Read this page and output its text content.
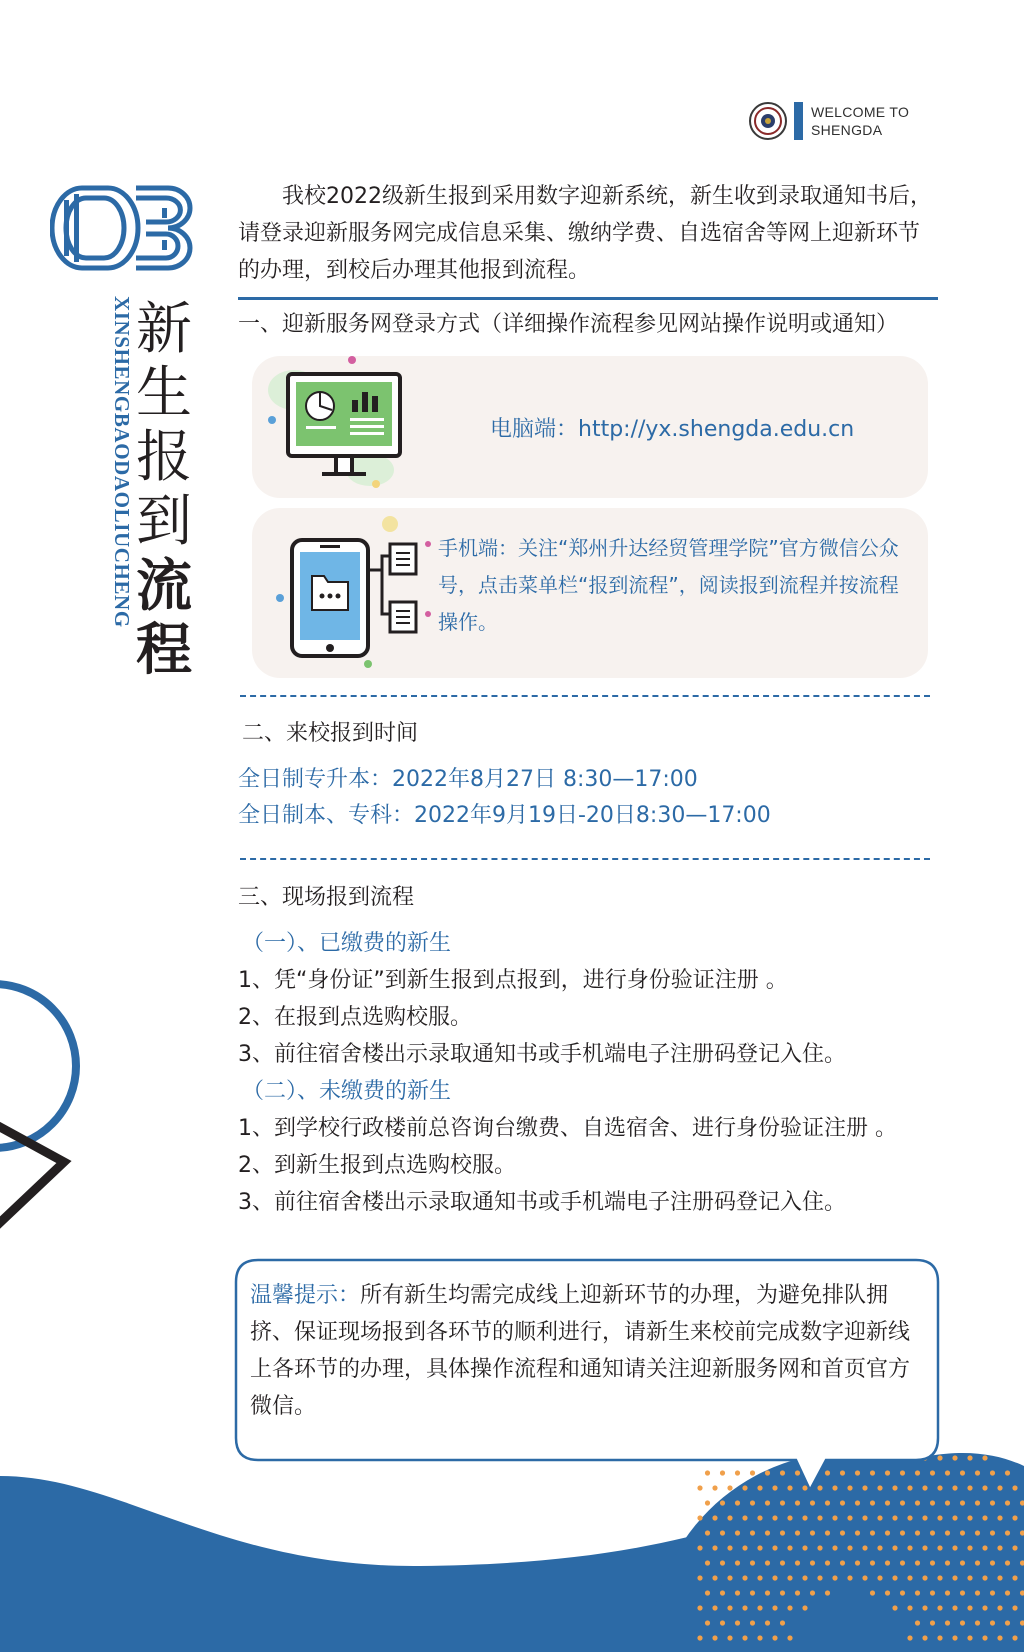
WELCOME TO
SHENGDA
XINSHENGBAODAOLIUCHENG 新
生
报
到
流
程

我校2022级新生报到采用数字迎新系统，新生收到录取通知书后，请登录迎新服务网完成信息采集、缴纳学费、自选宿舍等网上迎新环节的办理，到校后办理其他报到流程。

一、迎新服务网登录方式（详细操作流程参见网站操作说明或通知）
电脑端：http://yx.shengda.edu.cn

手机端：关注“郑州升达经贸管理学院”官方微信公众号，点击菜单栏“报到流程”，阅读报到流程并按流程操作。

二、来校报到时间
全日制专升本：2022年8月27日 8:30—17:00
全日制本、专科：2022年9月19日-20日8:30—17:00
三、现场报到流程
（一）、已缴费的新生
1、凭“身份证”到新生报到点报到，进行身份验证注册 。
2、在报到点选购校服。
3、前往宿舍楼出示录取通知书或手机端电子注册码登记入住。
（二）、未缴费的新生
1、到学校行政楼前总咨询台缴费、自选宿舍、进行身份验证注册 。
2、到新生报到点选购校服。
3、前往宿舍楼出示录取通知书或手机端电子注册码登记入住。

温馨提示：所有新生均需完成线上迎新环节的办理，为避免排队拥挤、保证现场报到各环节的顺利进行，请新生来校前完成数字迎新线上各环节的办理，具体操作流程和通知请关注迎新服务网和首页官方微信。
